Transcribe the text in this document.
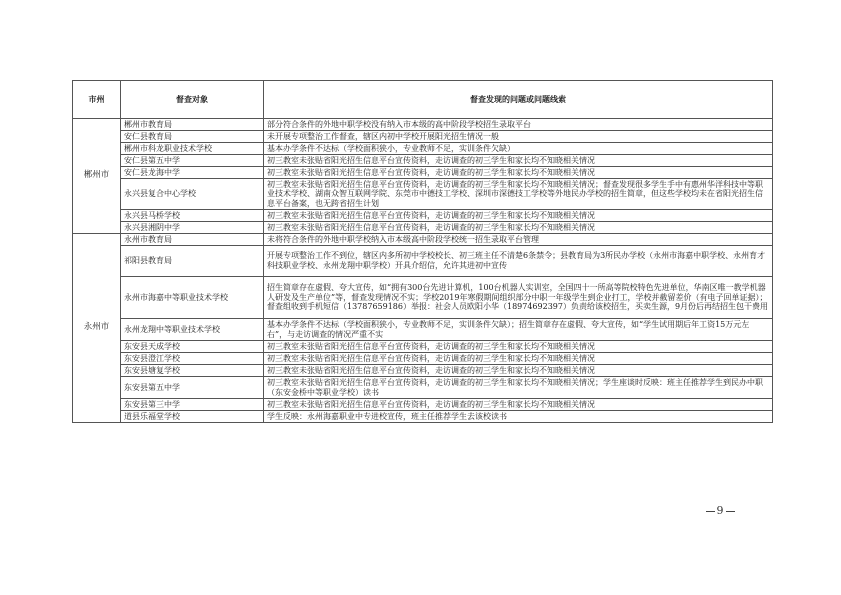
市州	督查对象	督查发现的问题或问题线索
郴州市	郴州市教育局	部分符合条件的外地中职学校没有纳入市本级的高中阶段学校招生录取平台
	安仁县教育局	未开展专项整治工作督查，辖区内初中学校开展阳光招生情况一般
	郴州市科龙职业技术学校	基本办学条件不达标（学校面积狭小，专业教师不足，实训条件欠缺）
	安仁县第五中学	初三教室未张贴省阳光招生信息平台宣传资料，走访调查的初三学生和家长均不知晓相关情况
	安仁县龙海中学	初三教室未张贴省阳光招生信息平台宣传资料，走访调查的初三学生和家长均不知晓相关情况
	永兴县复合中心学校	初三教室未张贴省阳光招生信息平台宣传资料，走访调查的初三学生和家长均不知晓相关情况；督查发现很多学生手中有惠州华洋科技中等职业技术学校、湖南众智互联网学院、东莞市中德技工学校、深圳市深德技工学校等外地民办学校的招生简章，但这些学校均未在省阳光招生信息平台备案，也无跨省招生计划
	永兴县马桥学校	初三教室未张贴省阳光招生信息平台宣传资料，走访调查的初三学生和家长均不知晓相关情况
	永兴县湘阴中学	初三教室未张贴省阳光招生信息平台宣传资料，走访调查的初三学生和家长均不知晓相关情况
永州市	永州市教育局	未将符合条件的外地中职学校纳入市本级高中阶段学校统一招生录取平台管理
	祁阳县教育局	开展专项整治工作不到位，辖区内多所初中学校校长、初三班主任不清楚6条禁令；县教育局为3所民办学校（永州市海嘉中职学校、永州育才科技职业学校、永州龙翔中职学校）开具介绍信，允许其进初中宣传
	永州市海嘉中等职业技术学校	招生简章存在虚假、夸大宣传，如“拥有300台先进计算机，100台机器人实训室，全国四十一所高等院校特色先进单位，华南区唯一教学机器人研发及生产单位”等，督查发现情况不实；学校2019年寒假期间组织部分中职一年级学生到企业打工，学校并截留差价（有电子回单证据）；督查组收到手机短信（13787659186）举报：社会人员欧阳小华（18974692397）负责给该校招生，买卖生源，9月份后再结招生包干费用
	永州龙翔中等职业技术学校	基本办学条件不达标（学校面积狭小，专业教师不足，实训条件欠缺）；招生简章存在虚假、夸大宣传，如“学生试用期后年工资15万元左右”，与走访调查的情况严重不实
	东安县天成学校	初三教室未张贴省阳光招生信息平台宣传资料，走访调查的初三学生和家长均不知晓相关情况
	东安县澄江学校	初三教室未张贴省阳光招生信息平台宣传资料，走访调查的初三学生和家长均不知晓相关情况
	东安县塘复学校	初三教室未张贴省阳光招生信息平台宣传资料，走访调查的初三学生和家长均不知晓相关情况
	东安县第五中学	初三教室未张贴省阳光招生信息平台宣传资料，走访调查的初三学生和家长均不知晓相关情况；学生座谈时反映：班主任推荐学生到民办中职（东安金桥中等职业学校）读书
	东安县第三中学	初三教室未张贴省阳光招生信息平台宣传资料，走访调查的初三学生和家长均不知晓相关情况
	道县乐福堂学校	学生反映：永州海嘉职业中专进校宣传，班主任推荐学生去该校读书
9
